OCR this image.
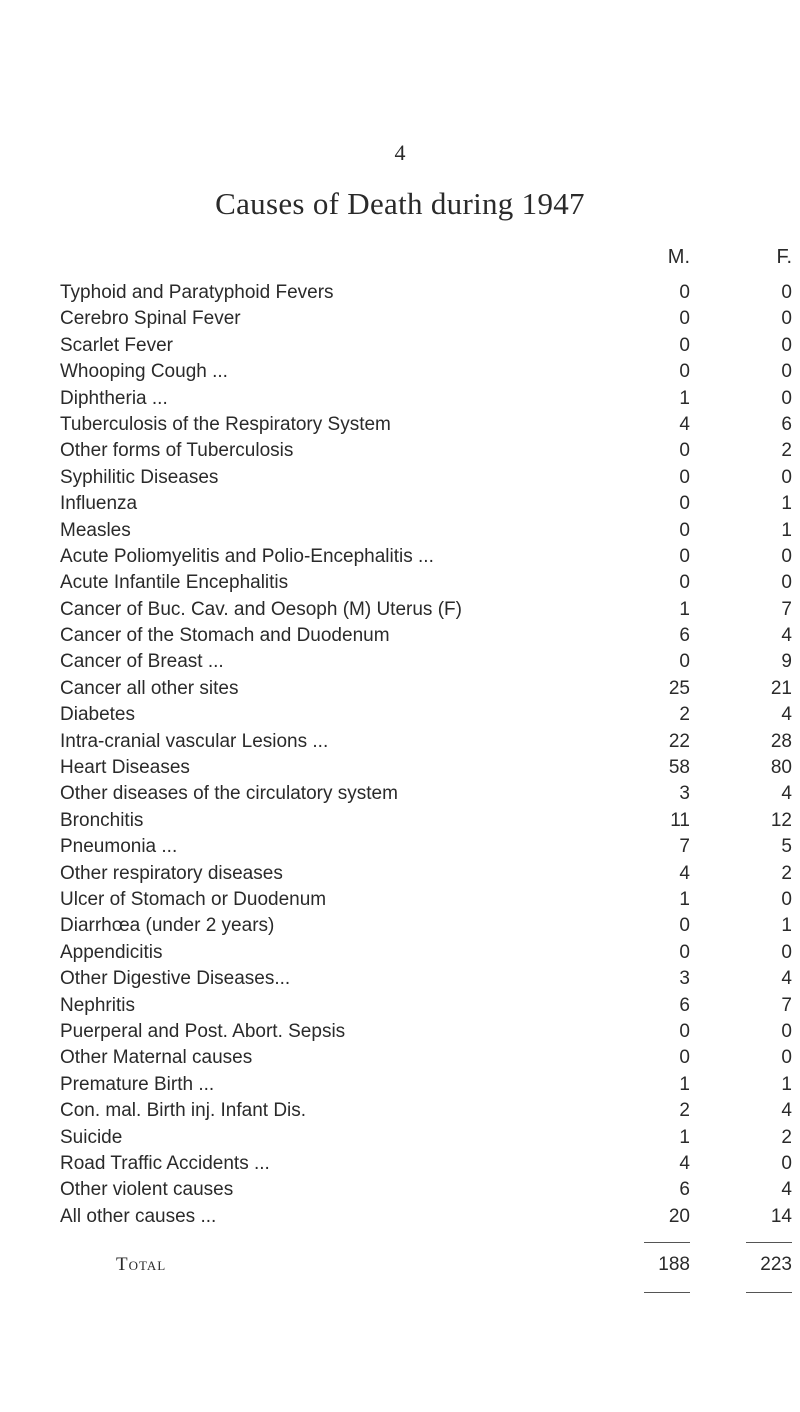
4
Causes of Death during 1947
M.	F.
Typhoid and Paratyphoid Fevers	0	0
Cerebro Spinal Fever	0	0
Scarlet Fever	0	0
Whooping Cough ...	0	0
Diphtheria ...	1	0
Tuberculosis of the Respiratory System	4	6
Other forms of Tuberculosis	0	2
Syphilitic Diseases	0	0
Influenza	0	1
Measles	0	1
Acute Poliomyelitis and Polio-Encephalitis ...	0	0
Acute Infantile Encephalitis	0	0
Cancer of Buc. Cav. and Oesoph (M) Uterus (F)	1	7
Cancer of the Stomach and Duodenum	6	4
Cancer of Breast ...	0	9
Cancer all other sites	25	21
Diabetes	2	4
Intra-cranial vascular Lesions ...	22	28
Heart Diseases	58	80
Other diseases of the circulatory system	3	4
Bronchitis	11	12
Pneumonia ...	7	5
Other respiratory diseases	4	2
Ulcer of Stomach or Duodenum	1	0
Diarrhœa (under 2 years)	0	1
Appendicitis	0	0
Other Digestive Diseases...	3	4
Nephritis	6	7
Puerperal and Post. Abort. Sepsis	0	0
Other Maternal causes	0	0
Premature Birth ...	1	1
Con. mal. Birth inj. Infant Dis.	2	4
Suicide	1	2
Road Traffic Accidents ...	4	0
Other violent causes	6	4
All other causes ...	20	14
... ... ... ... ... ... ... ... ... ... ...
Total	188	223
